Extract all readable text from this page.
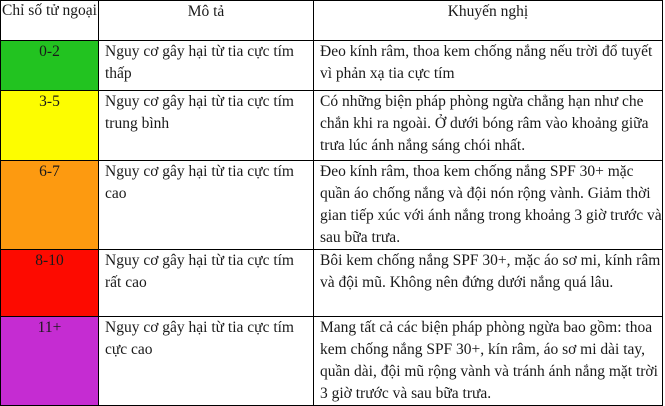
Chỉ số tử ngoại	Mô tả	Khuyến nghị
0-2	Nguy cơ gây hại từ tia cực tím thấp	Đeo kính râm, thoa kem chống nắng nếu trời đổ tuyết vì phản xạ tia cực tím
3-5	Nguy cơ gây hại từ tia cực tím trung bình	Có những biện pháp phòng ngừa chẳng hạn như che chắn khi ra ngoài. Ở dưới bóng râm vào khoảng giữa trưa lúc ánh nắng sáng chói nhất.
6-7	Nguy cơ gây hại từ tia cực tím cao	Đeo kính râm, thoa kem chống nắng SPF 30+ mặc quần áo chống nắng và đội nón rộng vành. Giảm thời gian tiếp xúc với ánh nắng trong khoảng 3 giờ trước và sau bữa trưa.
8-10	Nguy cơ gây hại từ tia cực tím rất cao	Bôi kem chống nắng SPF 30+, mặc áo sơ mi, kính râm và đội mũ. Không nên đứng dưới nắng quá lâu.
11+	Nguy cơ gây hại từ tia cực tím cực cao	Mang tất cả các biện pháp phòng ngừa bao gồm: thoa kem chống nắng SPF 30+, kín râm, áo sơ mi dài tay, quần dài, đội mũ rộng vành và tránh ánh nắng mặt trời 3 giờ trước và sau bữa trưa.
